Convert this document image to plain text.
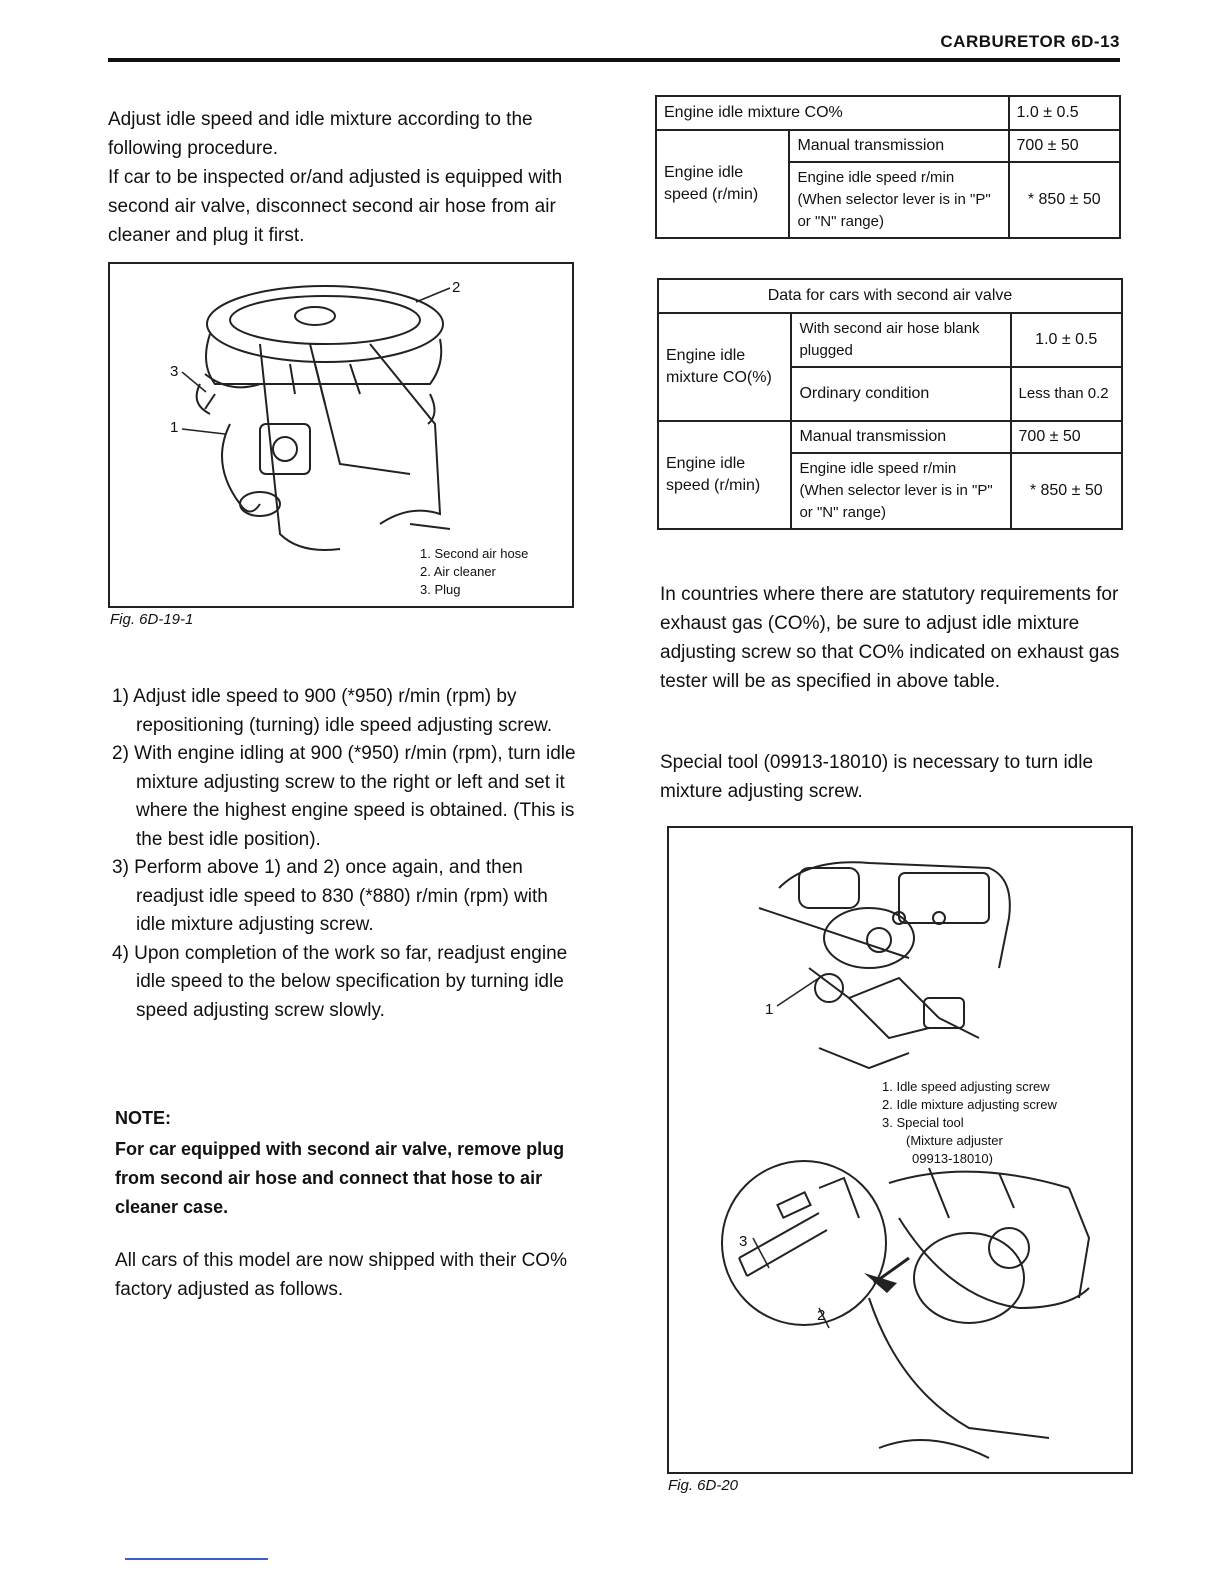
CARBURETOR 6D-13

Adjust idle speed and idle mixture according to the following procedure.

If car to be inspected or/and adjusted is equipped with second air valve, disconnect second air hose from air cleaner and plug it first.

2
3
1
1. Second air hose
2. Air cleaner
3. Plug
Fig. 6D-19-1
1) Adjust idle speed to 900 (*950) r/min (rpm) by repositioning (turning) idle speed adjusting screw.
2) With engine idling at 900 (*950) r/min (rpm), turn idle mixture adjusting screw to the right or left and set it where the highest engine speed is obtained. (This is the best idle position).
3) Perform above 1) and 2) once again, and then readjust idle speed to 830 (*880) r/min (rpm) with idle mixture adjusting screw.
4) Upon completion of the work so far, readjust engine idle speed to the below specification by turning idle speed adjusting screw slowly.
NOTE:

For car equipped with second air valve, remove plug from second air hose and connect that hose to air cleaner case.

All cars of this model are now shipped with their CO% factory adjusted as follows.

Engine idle mixture CO%		1.0 ± 0.5
Engine idle speed (r/min)	Manual transmission	700 ± 50
	Engine idle speed r/min (When selector lever is in "P" or "N" range)	* 850 ± 50
Data for cars with second air valve		
Engine idle mixture CO(%)	With second air hose blank plugged	1.0 ± 0.5
	Ordinary condition	Less than 0.2
Engine idle speed (r/min)	Manual transmission	700 ± 50
	Engine idle speed r/min (When selector lever is in "P" or "N" range)	* 850 ± 50

In countries where there are statutory requirements for exhaust gas (CO%), be sure to adjust idle mixture adjusting screw so that CO% indicated on exhaust gas tester will be as specified in above table.

Special tool (09913-18010) is necessary to turn idle mixture adjusting screw.

1
2
3
1. Idle speed adjusting screw
2. Idle mixture adjusting screw
3. Special tool
(Mixture adjuster
09913-18010)
Fig. 6D-20
